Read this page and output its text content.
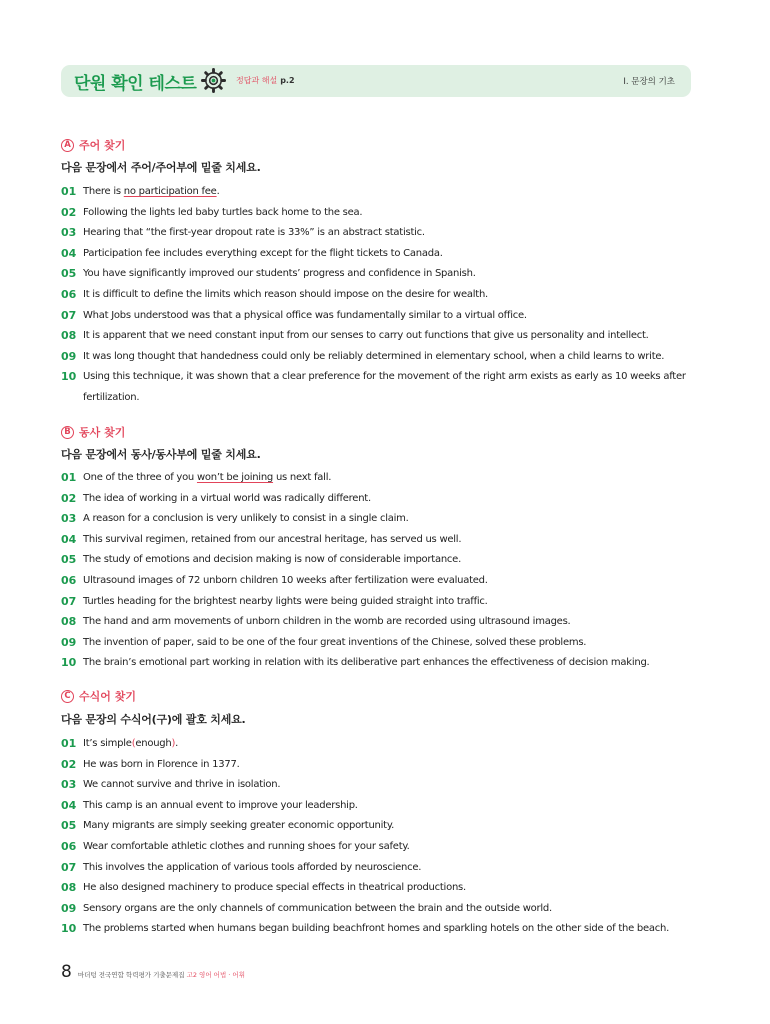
단원 확인 테스트	정답과 해설 p.2	Ⅰ. 문장의 기초
A 주어 찾기
다음 문장에서 주어/주어부에 밑줄 치세요.
01 There is no participation fee.
02 Following the lights led baby turtles back home to the sea.
03 Hearing that “the first-year dropout rate is 33%” is an abstract statistic.
04 Participation fee includes everything except for the flight tickets to Canada.
05 You have significantly improved our students’ progress and confidence in Spanish.
06 It is difficult to define the limits which reason should impose on the desire for wealth.
07 What Jobs understood was that a physical office was fundamentally similar to a virtual office.
08 It is apparent that we need constant input from our senses to carry out functions that give us personality and intellect.
09 It was long thought that handedness could only be reliably determined in elementary school, when a child learns to write.
10 Using this technique, it was shown that a clear preference for the movement of the right arm exists as early as 10 weeks after fertilization.
B 동사 찾기
다음 문장에서 동사/동사부에 밑줄 치세요.
01 One of the three of you won’t be joining us next fall.
02 The idea of working in a virtual world was radically different.
03 A reason for a conclusion is very unlikely to consist in a single claim.
04 This survival regimen, retained from our ancestral heritage, has served us well.
05 The study of emotions and decision making is now of considerable importance.
06 Ultrasound images of 72 unborn children 10 weeks after fertilization were evaluated.
07 Turtles heading for the brightest nearby lights were being guided straight into traffic.
08 The hand and arm movements of unborn children in the womb are recorded using ultrasound images.
09 The invention of paper, said to be one of the four great inventions of the Chinese, solved these problems.
10 The brain’s emotional part working in relation with its deliberative part enhances the effectiveness of decision making.
C 수식어 찾기
다음 문장의 수식어(구)에 괄호 치세요.
01 It’s simple(enough).
02 He was born in Florence in 1377.
03 We cannot survive and thrive in isolation.
04 This camp is an annual event to improve your leadership.
05 Many migrants are simply seeking greater economic opportunity.
06 Wear comfortable athletic clothes and running shoes for your safety.
07 This involves the application of various tools afforded by neuroscience.
08 He also designed machinery to produce special effects in theatrical productions.
09 Sensory organs are the only channels of communication between the brain and the outside world.
10 The problems started when humans began building beachfront homes and sparkling hotels on the other side of the beach.
8 마더텅 전국연합 학력평가 기출문제집 고2 영어 어법 · 어휘
